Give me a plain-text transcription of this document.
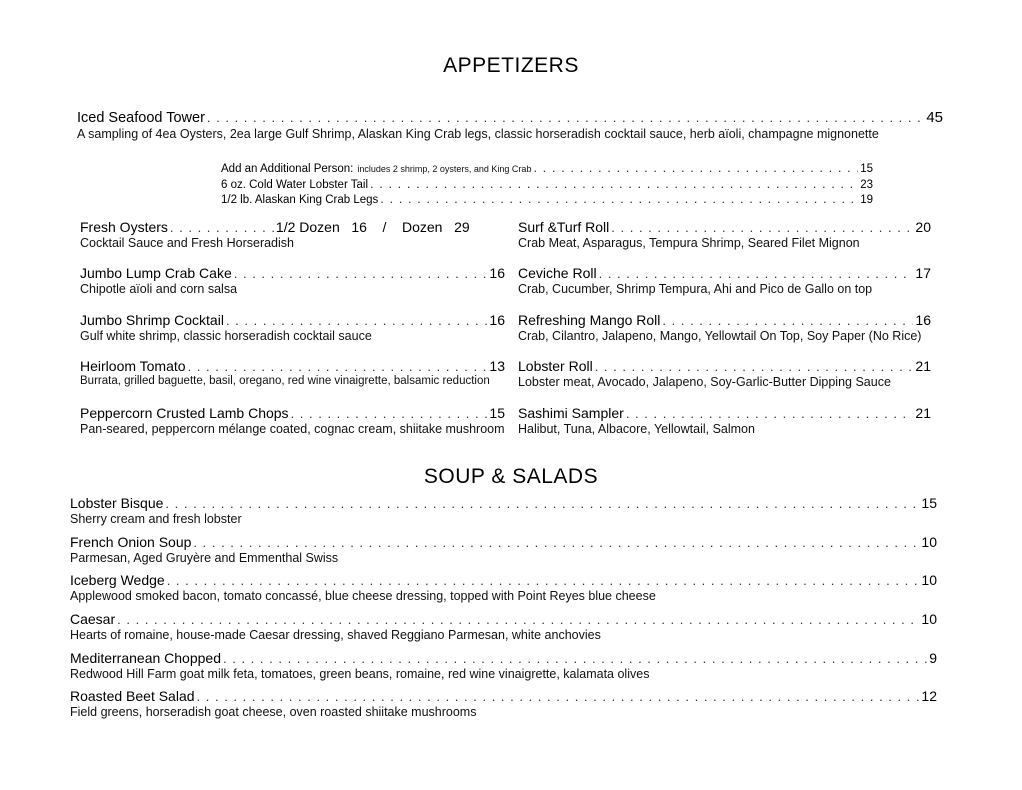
APPETIZERS
Iced Seafood Tower . . .	45
A sampling of 4ea Oysters, 2ea large Gulf Shrimp, Alaskan King Crab legs, classic horseradish cocktail sauce, herb aïoli, champagne mignonette
Add an Additional Person: includes 2 shrimp, 2 oysters, and King Crab . . .	15
6 oz. Cold Water Lobster Tail . . .	23
1/2 lb. Alaskan King Crab Legs . . .	19
Fresh Oysters . . .	1/2 Dozen   16    /    Dozen   29
Cocktail Sauce and Fresh Horseradish
Jumbo Lump Crab Cake . . .	16
Chipotle aïoli and corn salsa
Jumbo Shrimp Cocktail . . .	16
Gulf white shrimp, classic horseradish cocktail sauce
Heirloom Tomato . . .	13
Burrata, grilled baguette, basil, oregano, red wine vinaigrette, balsamic reduction
Peppercorn Crusted Lamb Chops . . .	15
Pan-seared, peppercorn mélange coated, cognac cream, shiitake mushroom
Surf &Turf Roll . . .	20
Crab Meat, Asparagus, Tempura Shrimp, Seared Filet Mignon
Ceviche Roll . . .	17
Crab, Cucumber, Shrimp Tempura, Ahi and Pico de Gallo on top
Refreshing Mango Roll . . .	16
Crab, Cilantro, Jalapeno, Mango, Yellowtail On Top, Soy Paper (No Rice)
Lobster Roll . . .	21
Lobster meat, Avocado, Jalapeno, Soy-Garlic-Butter Dipping Sauce
Sashimi Sampler . . .	21
Halibut, Tuna, Albacore, Yellowtail, Salmon
SOUP & SALADS
Lobster Bisque . . .	15
Sherry cream and fresh lobster
French Onion Soup . . .	10
Parmesan, Aged Gruyère and Emmenthal Swiss
Iceberg Wedge . . .	10
Applewood smoked bacon, tomato concassé, blue cheese dressing, topped with Point Reyes blue cheese
Caesar . . .	10
Hearts of romaine, house-made Caesar dressing, shaved Reggiano Parmesan, white anchovies
Mediterranean Chopped . . .	9
Redwood Hill Farm goat milk feta, tomatoes, green beans, romaine, red wine vinaigrette, kalamata olives
Roasted Beet Salad . . .	12
Field greens, horseradish goat cheese, oven roasted shiitake mushrooms
